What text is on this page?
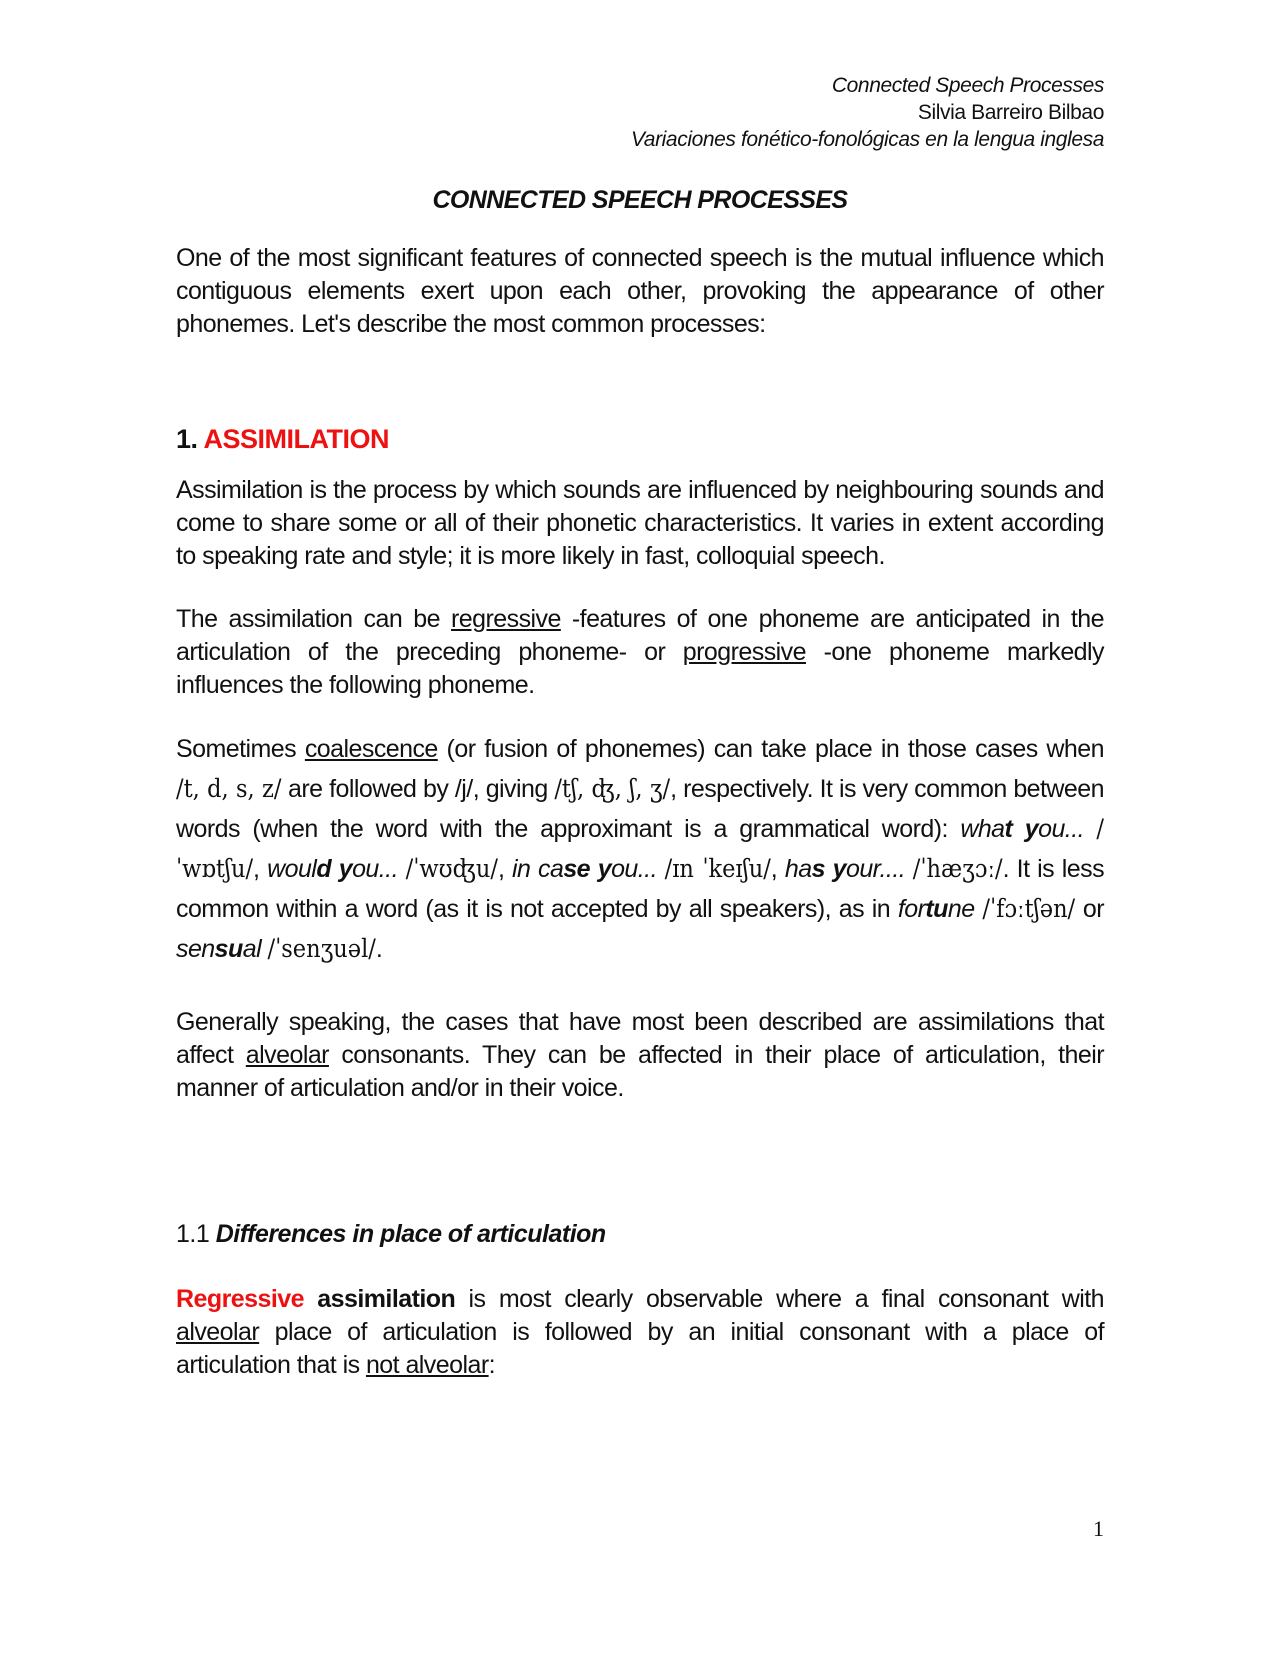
Connected Speech Processes
Silvia Barreiro Bilbao
Variaciones fonético-fonológicas en la lengua inglesa
CONNECTED SPEECH PROCESSES

One of the most significant features of connected speech is the mutual influence which contiguous elements exert upon each other, provoking the appearance of other phonemes. Let's describe the most common processes:

1. ASSIMILATION

Assimilation is the process by which sounds are influenced by neighbouring sounds and come to share some or all of their phonetic characteristics. It varies in extent according to speaking rate and style; it is more likely in fast, colloquial speech.

The assimilation can be regressive -features of one phoneme are anticipated in the articulation of the preceding phoneme- or progressive -one phoneme markedly influences the following phoneme.

Sometimes coalescence (or fusion of phonemes) can take place in those cases when /t, d, s, z/ are followed by /j/, giving /tʃ, ʤ, ʃ, ʒ/, respectively. It is very common between words (when the word with the approximant is a grammatical word): what you... /ˈwɒtʃu/, would you... /ˈwʊʤu/, in case you... /ɪn ˈkeɪʃu/, has your.... /ˈhæʒɔː/. It is less common within a word (as it is not accepted by all speakers), as in fortune /ˈfɔːtʃən/ or sensual /ˈsenʒuəl/.

Generally speaking, the cases that have most been described are assimilations that affect alveolar consonants. They can be affected in their place of articulation, their manner of articulation and/or in their voice.

1.1 Differences in place of articulation

Regressive assimilation is most clearly observable where a final consonant with alveolar place of articulation is followed by an initial consonant with a place of articulation that is not alveolar:

1
